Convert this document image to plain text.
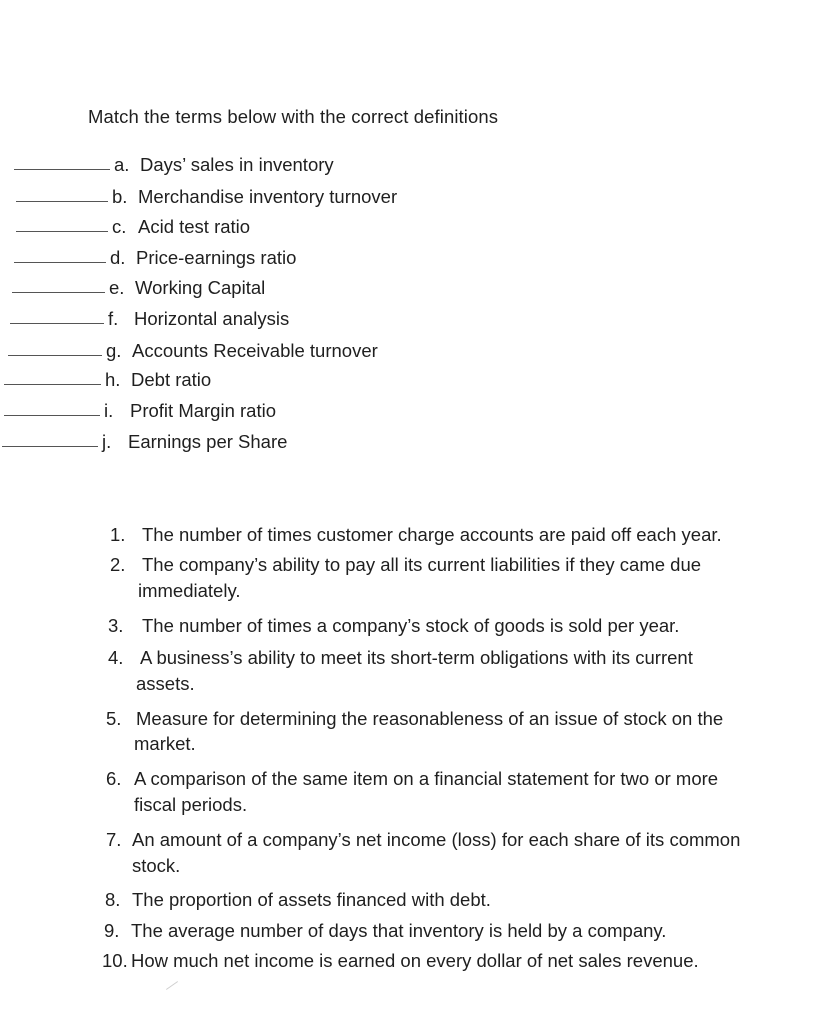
Match the terms below with the correct definitions
a. Days’ sales in inventory
b. Merchandise inventory turnover
c. Acid test ratio
d. Price-earnings ratio
e. Working Capital
f. Horizontal analysis
g. Accounts Receivable turnover
h. Debt ratio
i. Profit Margin ratio
j. Earnings per Share
1. The number of times customer charge accounts are paid off each year.
2. The company’s ability to pay all its current liabilities if they came due
immediately.
3. The number of times a company’s stock of goods is sold per year.
4. A business’s ability to meet its short-term obligations with its current
assets.
5. Measure for determining the reasonableness of an issue of stock on the
market.
6. A comparison of the same item on a financial statement for two or more
fiscal periods.
7. An amount of a company’s net income (loss) for each share of its common
stock.
8. The proportion of assets financed with debt.
9. The average number of days that inventory is held by a company.
10. How much net income is earned on every dollar of net sales revenue.
